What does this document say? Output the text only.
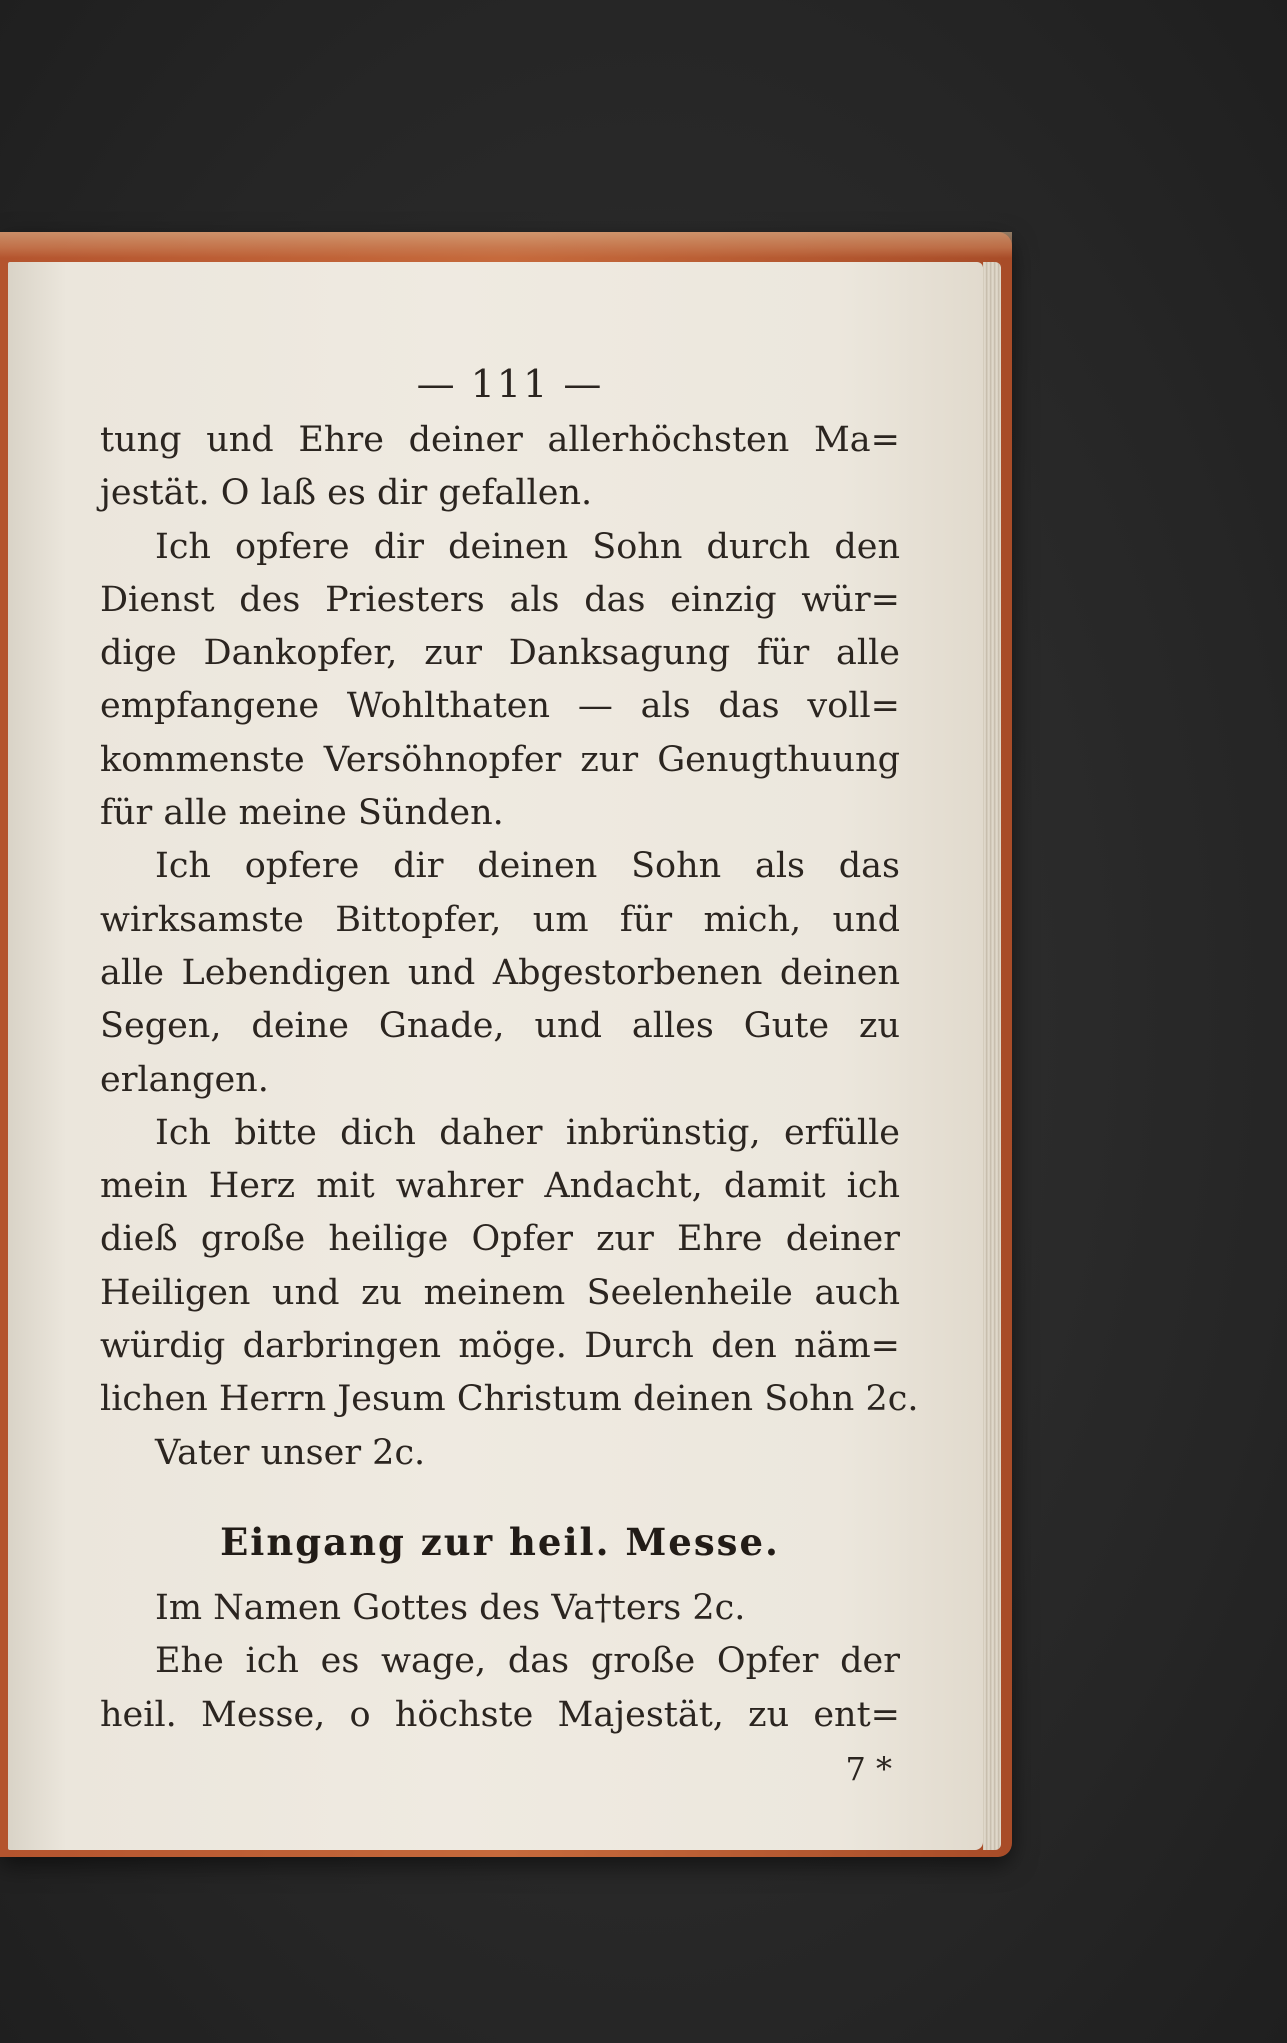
— 111 —
tung und Ehre deiner allerhöchsten Ma=
jestät. O laß es dir gefallen.
Ich opfere dir deinen Sohn durch den
Dienst des Priesters als das einzig wür=
dige Dankopfer, zur Danksagung für alle
empfangene Wohlthaten — als das voll=
kommenste Versöhnopfer zur Genugthuung
für alle meine Sünden.
Ich opfere dir deinen Sohn als das
wirksamste Bittopfer, um für mich, und
alle Lebendigen und Abgestorbenen deinen
Segen, deine Gnade, und alles Gute zu
erlangen.
Ich bitte dich daher inbrünstig, erfülle
mein Herz mit wahrer Andacht, damit ich
dieß große heilige Opfer zur Ehre deiner
Heiligen und zu meinem Seelenheile auch
würdig darbringen möge. Durch den näm=
lichen Herrn Jesum Christum deinen Sohn 2c.
Vater unser 2c.
Eingang zur heil. Messe.
Im Namen Gottes des Va†ters 2c.
Ehe ich es wage, das große Opfer der
heil. Messe, o höchste Majestät, zu ent=
7 *
